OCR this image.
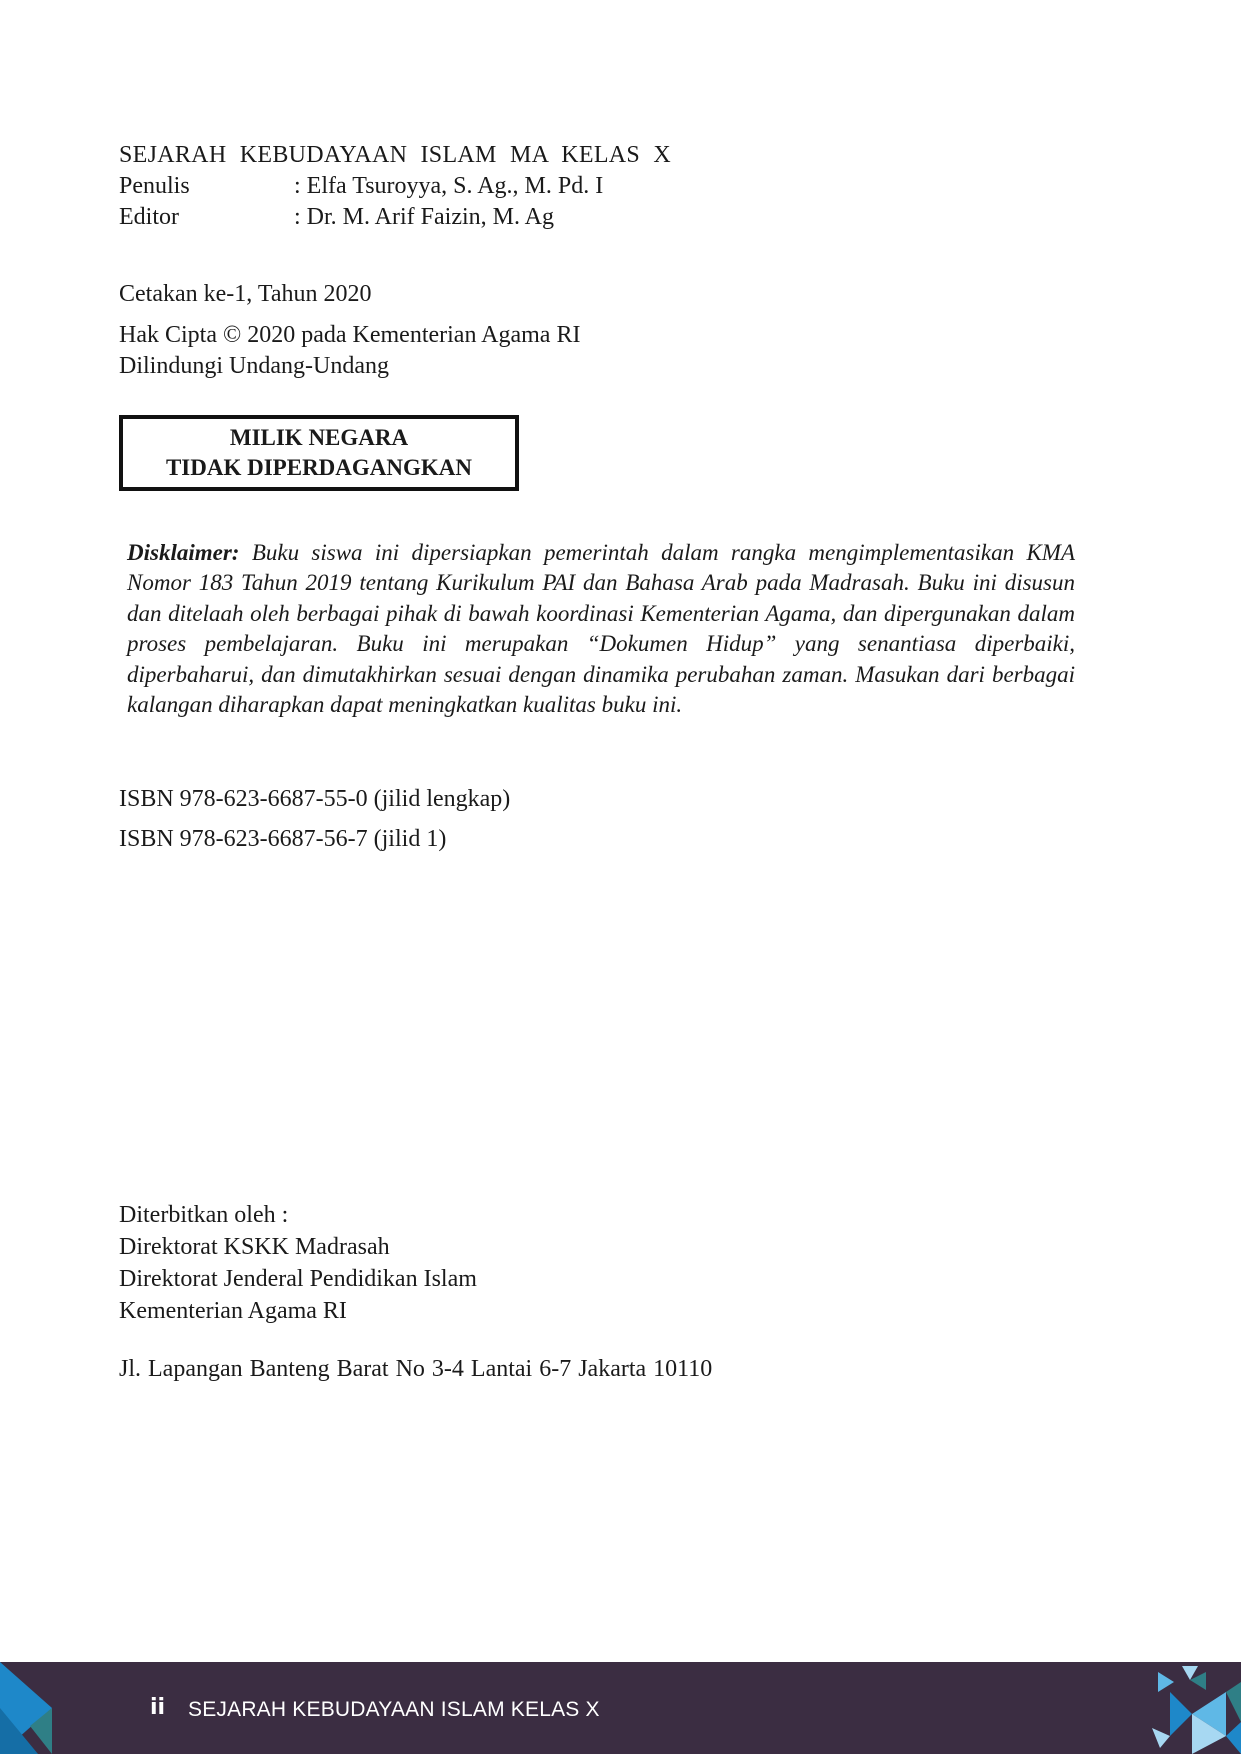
SEJARAH KEBUDAYAAN ISLAM MA KELAS X
Penulis	: Elfa Tsuroyya, S. Ag., M. Pd. I
Editor	: Dr. M. Arif Faizin, M. Ag
Cetakan ke-1, Tahun 2020
Hak Cipta © 2020 pada Kementerian Agama RI
Dilindungi Undang-Undang
MILIK NEGARA
TIDAK DIPERDAGANGKAN
Disklaimer: Buku siswa ini dipersiapkan pemerintah dalam rangka mengimplementasikan KMA Nomor 183 Tahun 2019 tentang Kurikulum PAI dan Bahasa Arab pada Madrasah. Buku ini disusun dan ditelaah oleh berbagai pihak di bawah koordinasi Kementerian Agama, dan dipergunakan dalam proses pembelajaran. Buku ini merupakan “Dokumen Hidup” yang senantiasa diperbaiki, diperbaharui, dan dimutakhirkan sesuai dengan dinamika perubahan zaman. Masukan dari berbagai kalangan diharapkan dapat meningkatkan kualitas buku ini.
ISBN 978-623-6687-55-0 (jilid lengkap)
ISBN 978-623-6687-56-7 (jilid 1)
Diterbitkan oleh :
Direktorat KSKK Madrasah
Direktorat Jenderal Pendidikan Islam
Kementerian Agama RI
Jl. Lapangan Banteng Barat No 3-4 Lantai 6-7 Jakarta 10110
ii SEJARAH KEBUDAYAAN ISLAM KELAS X
